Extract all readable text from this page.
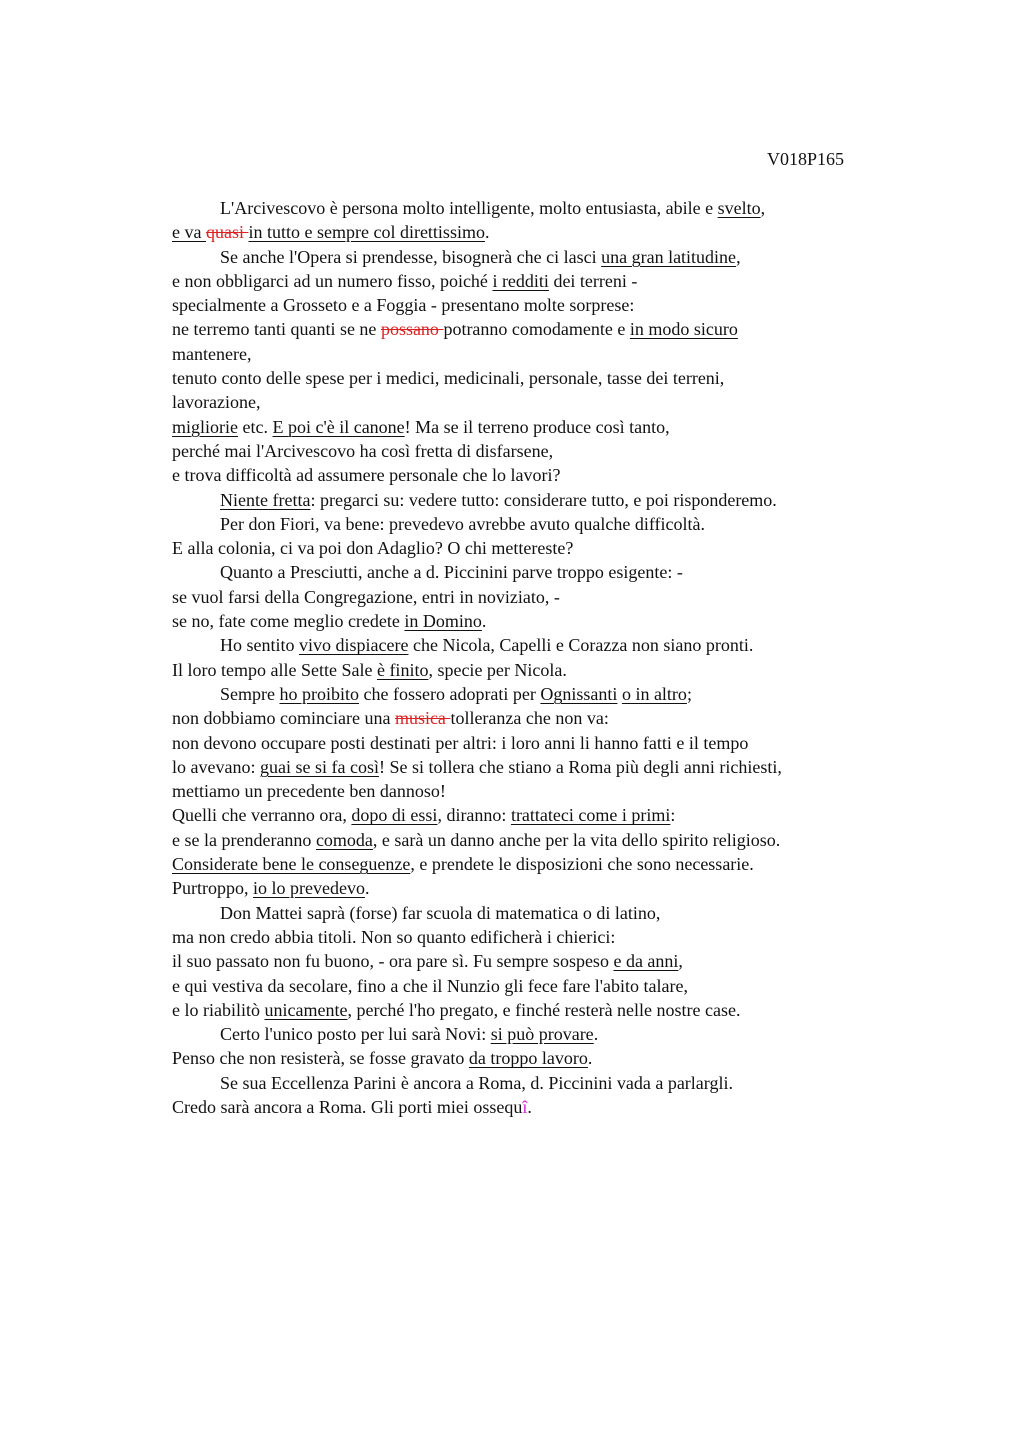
V018P165
L'Arcivescovo è persona molto intelligente, molto entusiasta, abile e svelto,
e va quasi in tutto e sempre col direttissimo.
Se anche l'Opera si prendesse, bisognerà che ci lasci una gran latitudine,
e non obbligarci ad un numero fisso, poiché i redditi dei terreni -
specialmente a Grosseto e a Foggia - presentano molte sorprese:
ne terremo tanti quanti se ne possano potranno comodamente e in modo sicuro
mantenere,
tenuto conto delle spese per i medici, medicinali, personale, tasse dei terreni,
lavorazione,
migliorie etc. E poi c'è il canone! Ma se il terreno produce così tanto,
perché mai l'Arcivescovo ha così fretta di disfarsene,
e trova difficoltà ad assumere personale che lo lavori?
Niente fretta: pregarci su: vedere tutto: considerare tutto, e poi risponderemo.
Per don Fiori, va bene: prevedevo avrebbe avuto qualche difficoltà.
E alla colonia, ci va poi don Adaglio? O chi mettereste?
Quanto a Presciutti, anche a d. Piccinini parve troppo esigente: -
se vuol farsi della Congregazione, entri in noviziato, -
se no, fate come meglio credete in Domino.
Ho sentito vivo dispiacere che Nicola, Capelli e Corazza non siano pronti.
Il loro tempo alle Sette Sale è finito, specie per Nicola.
Sempre ho proibito che fossero adoprati per Ognissanti o in altro;
non dobbiamo cominciare una musica tolleranza che non va:
non devono occupare posti destinati per altri: i loro anni li hanno fatti e il tempo
lo avevano: guai se si fa così! Se si tollera che stiano a Roma più degli anni richiesti,
mettiamo un precedente ben dannoso!
Quelli che verranno ora, dopo di essi, diranno: trattateci come i primi:
e se la prenderanno comoda, e sarà un danno anche per la vita dello spirito religioso.
Considerate bene le conseguenze, e prendete le disposizioni che sono necessarie.
Purtroppo, io lo prevedevo.
Don Mattei saprà (forse) far scuola di matematica o di latino,
ma non credo abbia titoli. Non so quanto edificherà i chierici:
il suo passato non fu buono, - ora pare sì. Fu sempre sospeso e da anni,
e qui vestiva da secolare, fino a che il Nunzio gli fece fare l'abito talare,
e lo riabilitò unicamente, perché l'ho pregato, e finché resterà nelle nostre case.
Certo l'unico posto per lui sarà Novi: si può provare.
Penso che non resisterà, se fosse gravato da troppo lavoro.
Se sua Eccellenza Parini è ancora a Roma, d. Piccinini vada a parlargli.
Credo sarà ancora a Roma. Gli porti miei ossequî.
